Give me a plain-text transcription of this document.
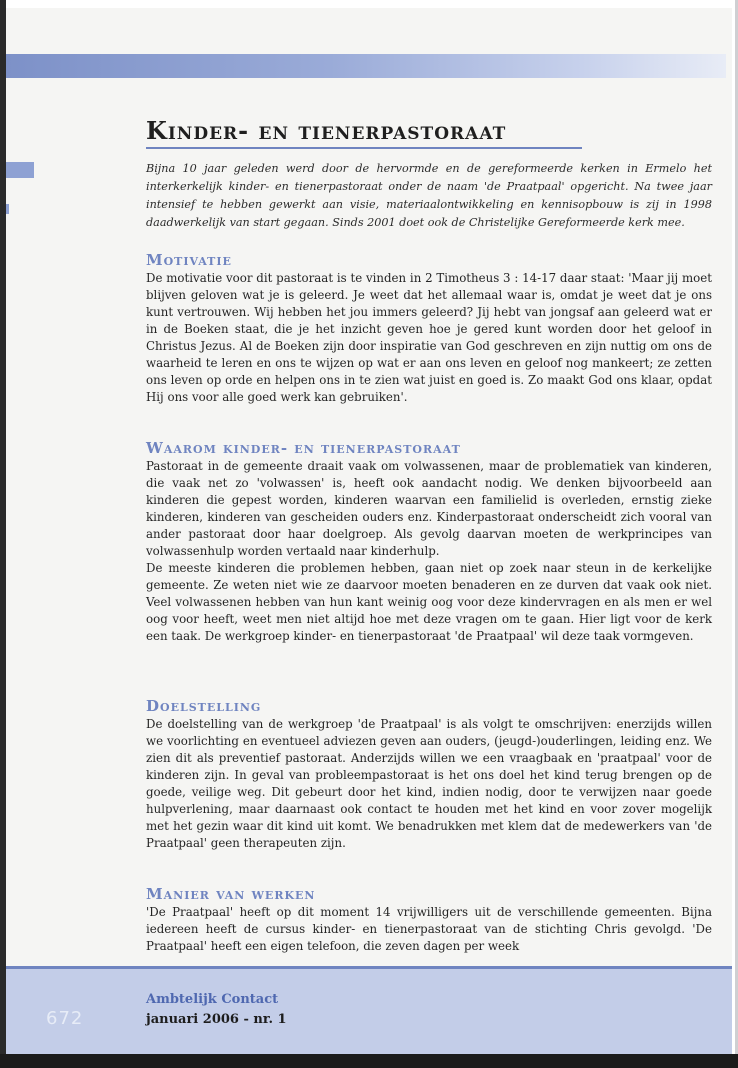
Kinder- en tienerpastoraat

Bijna 10 jaar geleden werd door de hervormde en de gereformeerde kerken in Ermelo het interkerkelijk kinder- en tienerpastoraat onder de naam 'de Praatpaal' opgericht. Na twee jaar intensief te hebben gewerkt aan visie, materiaalontwikkeling en kennisopbouw is zij in 1998 daadwerkelijk van start gegaan. Sinds 2001 doet ook de Christelijke Gereformeerde kerk mee.

Motivatie

De motivatie voor dit pastoraat is te vinden in 2 Timotheus 3 : 14-17 daar staat: 'Maar jij moet blijven geloven wat je is geleerd. Je weet dat het allemaal waar is, omdat je weet dat je ons kunt vertrouwen. Wij hebben het jou immers geleerd? Jij hebt van jongsaf aan geleerd wat er in de Boeken staat, die je het inzicht geven hoe je gered kunt worden door het geloof in Christus Jezus. Al de Boeken zijn door inspiratie van God geschreven en zijn nuttig om ons de waarheid te leren en ons te wijzen op wat er aan ons leven en geloof nog mankeert; ze zetten ons leven op orde en helpen ons in te zien wat juist en goed is. Zo maakt God ons klaar, opdat Hij ons voor alle goed werk kan gebruiken'.

Waarom kinder- en tienerpastoraat

Pastoraat in de gemeente draait vaak om volwassenen, maar de problematiek van kinderen, die vaak net zo 'volwassen' is, heeft ook aandacht nodig. We denken bijvoorbeeld aan kinderen die gepest worden, kinderen waarvan een familielid is overleden, ernstig zieke kinderen, kinderen van gescheiden ouders enz. Kinderpastoraat onderscheidt zich vooral van ander pastoraat door haar doelgroep. Als gevolg daarvan moeten de werkprincipes van volwassenhulp worden vertaald naar kinderhulp.

De meeste kinderen die problemen hebben, gaan niet op zoek naar steun in de kerkelijke gemeente. Ze weten niet wie ze daarvoor moeten benaderen en ze durven dat vaak ook niet. Veel volwassenen hebben van hun kant weinig oog voor deze kindervragen en als men er wel oog voor heeft, weet men niet altijd hoe met deze vragen om te gaan. Hier ligt voor de kerk een taak. De werkgroep kinder- en tienerpastoraat 'de Praatpaal' wil deze taak vormgeven.

Doelstelling

De doelstelling van de werkgroep 'de Praatpaal' is als volgt te omschrijven: enerzijds willen we voorlichting en eventueel adviezen geven aan ouders, (jeugd-)ouderlingen, leiding enz. We zien dit als preventief pastoraat. Anderzijds willen we een vraagbaak en 'praatpaal' voor de kinderen zijn. In geval van probleempastoraat is het ons doel het kind terug brengen op de goede, veilige weg. Dit gebeurt door het kind, indien nodig, door te verwijzen naar goede hulpverlening, maar daarnaast ook contact te houden met het kind en voor zover mogelijk met het gezin waar dit kind uit komt. We benadrukken met klem dat de medewerkers van 'de Praatpaal' geen therapeuten zijn.

Manier van werken

'De Praatpaal' heeft op dit moment 14 vrijwilligers uit de verschillende gemeenten. Bijna iedereen heeft de cursus kinder- en tienerpastoraat van de stichting Chris gevolgd. 'De Praatpaal' heeft een eigen telefoon, die zeven dagen per week

672
Ambtelijk Contact
januari 2006 - nr. 1
